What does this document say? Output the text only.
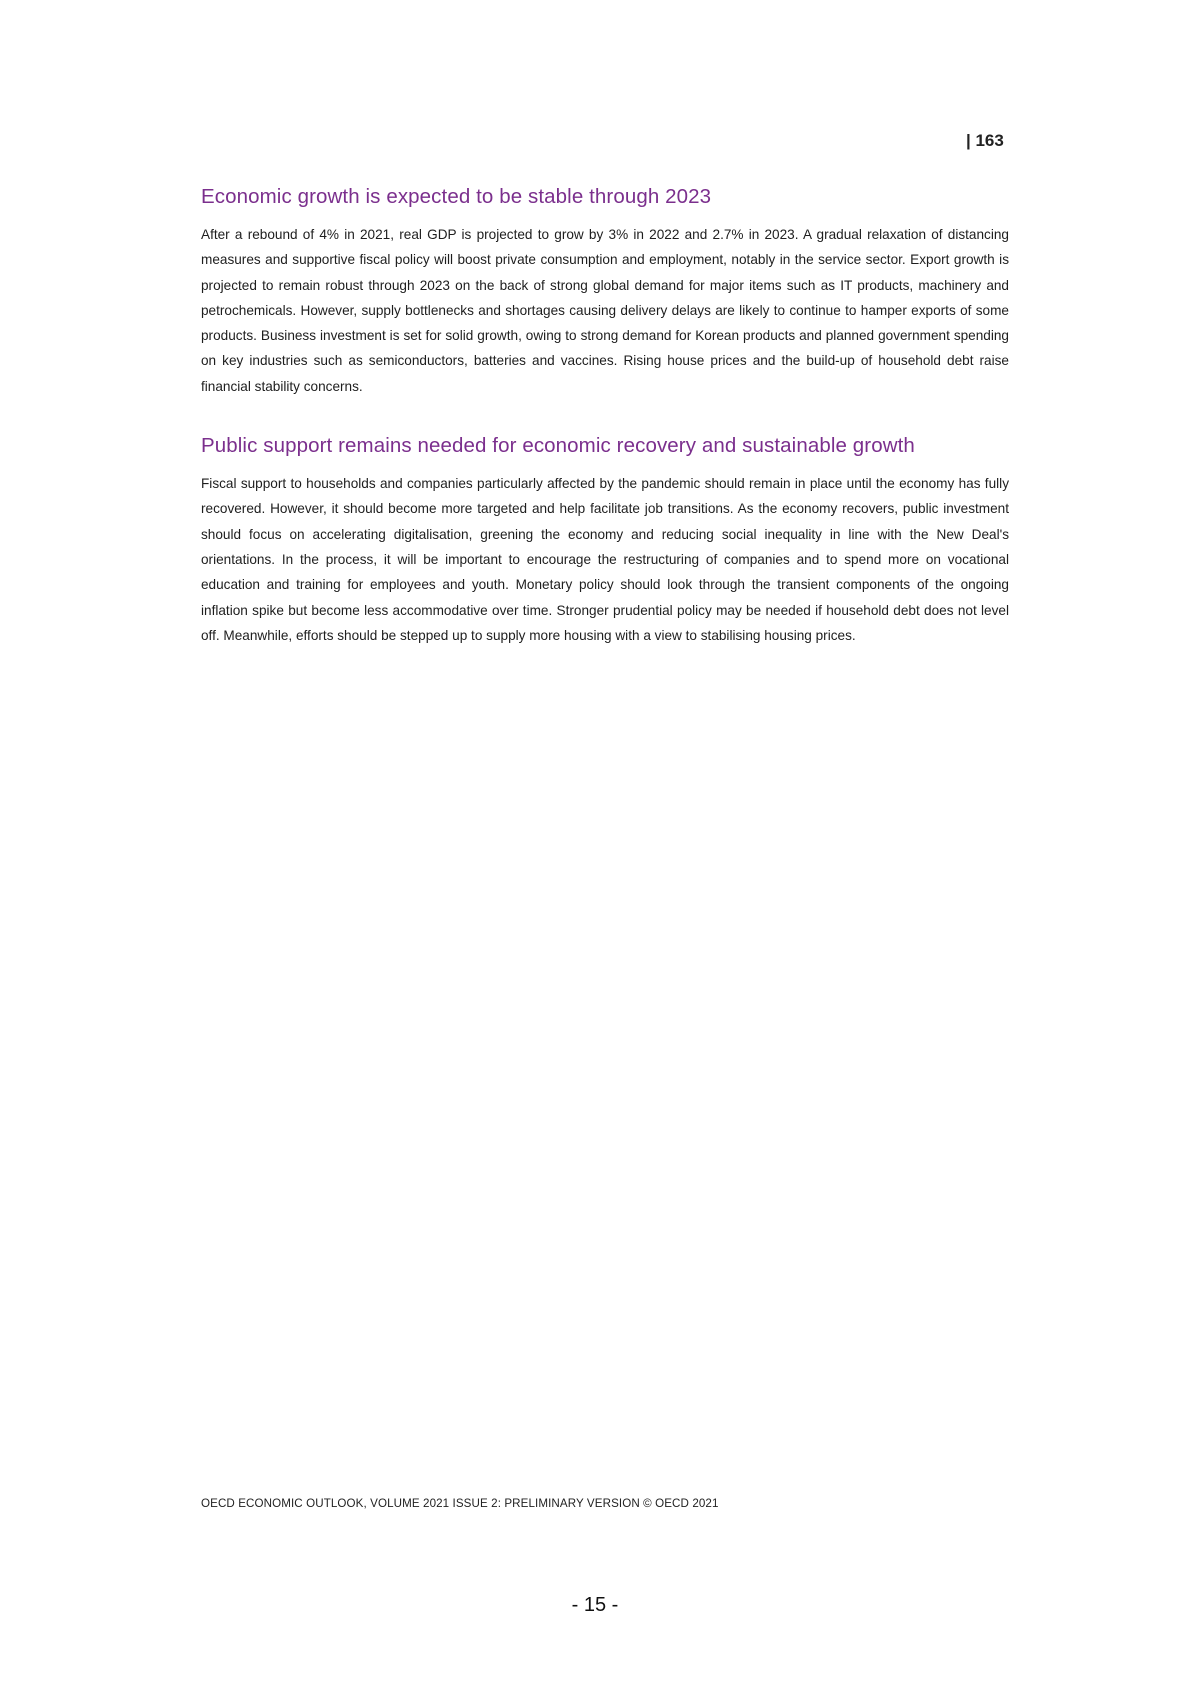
| 163
Economic growth is expected to be stable through 2023

After a rebound of 4% in 2021, real GDP is projected to grow by 3% in 2022 and 2.7% in 2023. A gradual relaxation of distancing measures and supportive fiscal policy will boost private consumption and employment, notably in the service sector. Export growth is projected to remain robust through 2023 on the back of strong global demand for major items such as IT products, machinery and petrochemicals. However, supply bottlenecks and shortages causing delivery delays are likely to continue to hamper exports of some products. Business investment is set for solid growth, owing to strong demand for Korean products and planned government spending on key industries such as semiconductors, batteries and vaccines. Rising house prices and the build-up of household debt raise financial stability concerns.

Public support remains needed for economic recovery and sustainable growth

Fiscal support to households and companies particularly affected by the pandemic should remain in place until the economy has fully recovered. However, it should become more targeted and help facilitate job transitions. As the economy recovers, public investment should focus on accelerating digitalisation, greening the economy and reducing social inequality in line with the New Deal's orientations. In the process, it will be important to encourage the restructuring of companies and to spend more on vocational education and training for employees and youth. Monetary policy should look through the transient components of the ongoing inflation spike but become less accommodative over time. Stronger prudential policy may be needed if household debt does not level off. Meanwhile, efforts should be stepped up to supply more housing with a view to stabilising housing prices.

OECD ECONOMIC OUTLOOK, VOLUME 2021 ISSUE 2: PRELIMINARY VERSION © OECD 2021
- 15 -
